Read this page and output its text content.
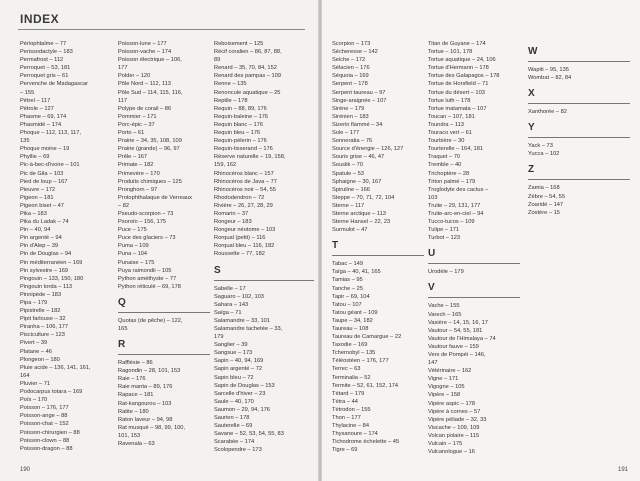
INDEX
Périophtalme – 77
Perissodactyle – 183
Permafrost – 112
Perroquet – 53, 181
Perroquet gris – 61
Pervenche de Madagascar
– 155
Pétrel – 117
Pétrole – 127
Phasme – 69, 174
Phasmidé – 174
Phoque – 112, 113, 117,
135
Phoque moine – 19
Phyllie – 69
Pic-à-bec-d'ivoire – 101
Pic de Gila – 103
Pied de loup – 167
Pieuvre – 172
Pigeon – 181
Pigeon biset – 47
Pika – 183
Pika du Ladak – 74
Pin – 40, 94
Pin argenté – 94
Pin d'Alep – 39
Pin de Douglas – 94
Pin méditerranéen – 169
Pin sylvestre – 169
Pingouin – 133, 150, 180
Pingouin torda – 113
Pinnipède – 183
Pipa – 179
Pipistrelle – 182
Pipit farlouse – 32
Piranha – 106, 177
Pisciculture – 123
Pivert – 39
Platane – 46
Plongeon – 180
Pluie acide – 136, 141, 161,
164
Pluvier – 71
Podocarpus totara – 169
Poïs – 170
Poisson – 176, 177
Poisson-ange – 88
Poisson-chat – 152
Poisson-chirurgien – 88
Poisson-clown – 88
Poisson-dragon – 88
Poisson-lune – 177
Poisson-vache – 174
Poisson électrique – 106,
177
Polder – 120
Pôle Nord – 112, 113
Pôle Sud – 114, 115, 116,
117
Polype de corail – 86
Pommier – 171
Porc-épic – 37
Porto – 61
Prairie – 34, 35, 108, 109
Prairie (grande) – 96, 97
Prêle – 167
Primate – 182
Primevère – 170
Produits chimiques – 125
Pronghorn – 97
Protophthalaque de Verreaux
– 82
Pseudo-scorpion – 73
Psoroïn – 156, 175
Puce – 175
Puce des glaciers – 73
Puma – 109
Puna – 104
Punaise – 175
Puya raimondii – 105
Python améthyste – 77
Python réticulé – 69, 178
Q
Quotas (de pêche) – 122,
165
R
Rafflésie – 86
Ragondin – 28, 101, 153
Raie – 176
Raie manta – 89, 176
Rapace – 181
Rat-kangourou – 103
Ratite – 180
Raton laveur – 94, 98
Rat musqué – 98, 99, 100,
101, 153
Ravenala – 63
Reboisement – 125
Récif coralien – 86, 87, 88,
89
Renard – 35, 70, 84, 152
Renard des pampas – 109
Renne – 135
Renoncule aquatique – 25
Reptile – 178
Requin – 88, 89, 176
Requin-baleine – 176
Requin blanc – 176
Requin bleu – 176
Requin-pèlerin – 176
Requin-tisserand – 176
Réserve naturelle – 19, 158,
159, 162
Rhinocéros blanc – 157
Rhinocéros de Java – 77
Rhinocéros noir – 54, 55
Rhododendron – 72
Rivière – 26, 27, 28, 29
Romarin – 37
Rongeur – 183
Rongeur néotome – 103
Rorqual (petit) – 116
Rorqual bleu – 116, 182
Roussette – 77, 182
S
Sabelle – 17
Saguaro – 102, 103
Sahara – 143
Saïga – 71
Salamandre – 33, 101
Salamandre tachetée – 33,
179
Sanglier – 39
Sangsue – 173
Sapin – 40, 94, 169
Sapin argenté – 72
Sapin bleu – 72
Sapin de Douglas – 153
Sarcelle d'hiver – 23
Saule – 40, 170
Saumon – 29, 94, 176
Saurien – 178
Sauterelle – 69
Savane – 52, 53, 54, 55, 83
Scarabée – 174
Scolopendre – 173
190
Scorpion – 173
Sécheresse – 142
Seiche – 172
Sélacien – 176
Séquoia – 169
Serpent – 178
Serpent taureau – 97
Singe-araignée – 107
Sirène – 179
Sirénien – 183
Sizerin flammé – 34
Sole – 177
Sonneratia – 76
Source d'énergie – 126, 127
Souris grise – 46, 47
Souslik – 70
Spatule – 53
Sphaigne – 30, 167
Spiruline – 166
Steppe – 70, 71, 72, 104
Sterne – 117
Sterne arctique – 113
Sterne Hansel – 22, 23
Surmulot – 47
T
Tabac – 149
Taïga – 40, 41, 165
Tamias – 95
Tanche – 25
Tapir – 69, 104
Tatou – 107
Tatou géant – 109
Taupe – 34, 182
Taureau – 108
Taureau de Camargue – 22
Taxodie – 169
Tchernobyl – 135
Téléostéen – 176, 177
Terrec – 63
Terminalia – 52
Termite – 52, 61, 152, 174
Tétard – 179
Tétra – 44
Tétrodon – 155
Thon – 177
Thylacine – 84
Thysanoure – 174
Tichodrome échelette – 45
Tigre – 69
Titan de Guyane – 174
Tortue – 101, 178
Tortue aquatique – 24, 106
Tortue d'Hermann – 178
Tortue des Galapagos – 178
Tortue de Horsfield – 71
Tortue du désert – 103
Tortue luth – 178
Tortue matamata – 107
Toucan – 107, 181
Toundra – 113
Touraco vert – 61
Tourbière – 30
Tourterelle – 164, 181
Traquet – 70
Tremble – 40
Trichoptère – 28
Triton palmé – 179
Troglodyte des cactus –
103
Truite – 29, 131, 177
Truite-arc-en-ciel – 94
Tucco-tucos – 109
Tulipe – 171
Turbot – 123
U
Urodèle – 179
V
Vache – 155
Varech – 165
Vasière – 14, 15, 16, 17
Vautour – 54, 55, 181
Vautour de l'Himalaya – 74
Vautour fauve – 159
Vers de Pompéi – 146,
147
Vétérinaire – 162
Vigne – 171
Vigogne – 105
Vipère – 158
Vipère aspic – 178
Vipère à cornes – 57
Vipère péliade – 32, 33
Viscache – 109, 109
Volcan polaire – 115
Vulcain – 175
Vulcanologue – 16
W
Wapiti – 95, 135
Wombat – 82, 84
X
Xanthorée – 82
Y
Yack – 73
Yucca – 102
Z
Zamia – 168
Zèbre – 54, 55
Zoaridé – 147
Zostère – 15
191
